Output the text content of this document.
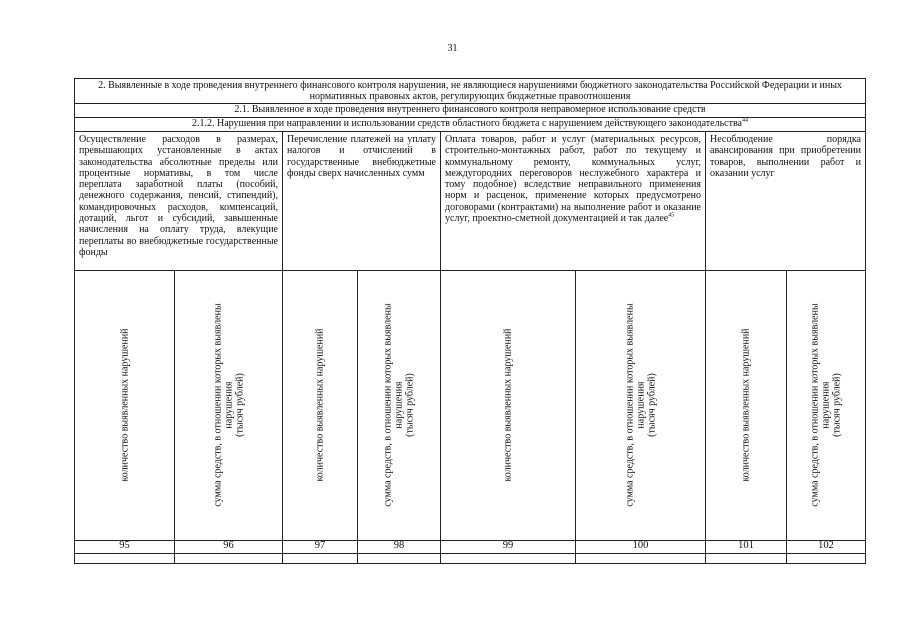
31
2. Выявленные в ходе проведения внутреннего финансового контроля нарушения, не являющиеся нарушениями бюджетного законодательства Российской Федерации и иных нормативных правовых актов, регулирующих бюджетные правоотношения
2.1. Выявленное в ходе проведения внутреннего финансового контроля неправомерное использование средств
2.1.2. Нарушения при направлении и использовании средств областного бюджета с нарушением действующего законодательства$^{44}$
Осуществление расходов в размерах, превышающих установленные в актах законодательства абсолютные пределы или процентные нормативы, в том числе переплата заработной платы (пособий, денежного содержания, пенсий, стипендий), командировочных расходов, компенсаций, дотаций, льгот и субсидий, завышенные начисления на оплату труда, влекущие переплаты во внебюджетные государственные фонды
Перечисление платежей на уплату налогов и отчислений в государственные внебюджетные фонды сверх начисленных сумм
Оплата товаров, работ и услуг (материальных ресурсов, строительно-монтажных работ, работ по текущему и коммунальному ремонту, коммунальных услуг, междугородних переговоров неслужебного характера и тому подобное) вследствие неправильного применения норм и расценок, применение которых предусмотрено договорами (контрактами) на выполнение работ и оказание услуг, проектно-сметной документацией и так далее$^{45}$
Несоблюдение порядка авансирования при приобретении товаров, выполнении работ и оказании услуг
количество выявленных нарушений	сумма средств, в отношении которых выявлены нарушения (тысяч рублей)	количество выявленных нарушений	сумма средств, в отношении которых выявлены нарушения (тысяч рублей)	количество выявленных нарушений	сумма средств, в отношении которых выявлены нарушения (тысяч рублей)	количество выявленных нарушений	сумма средств, в отношении которых выявлены нарушения (тысяч рублей)
95	96	97	98	99	100	101	102
